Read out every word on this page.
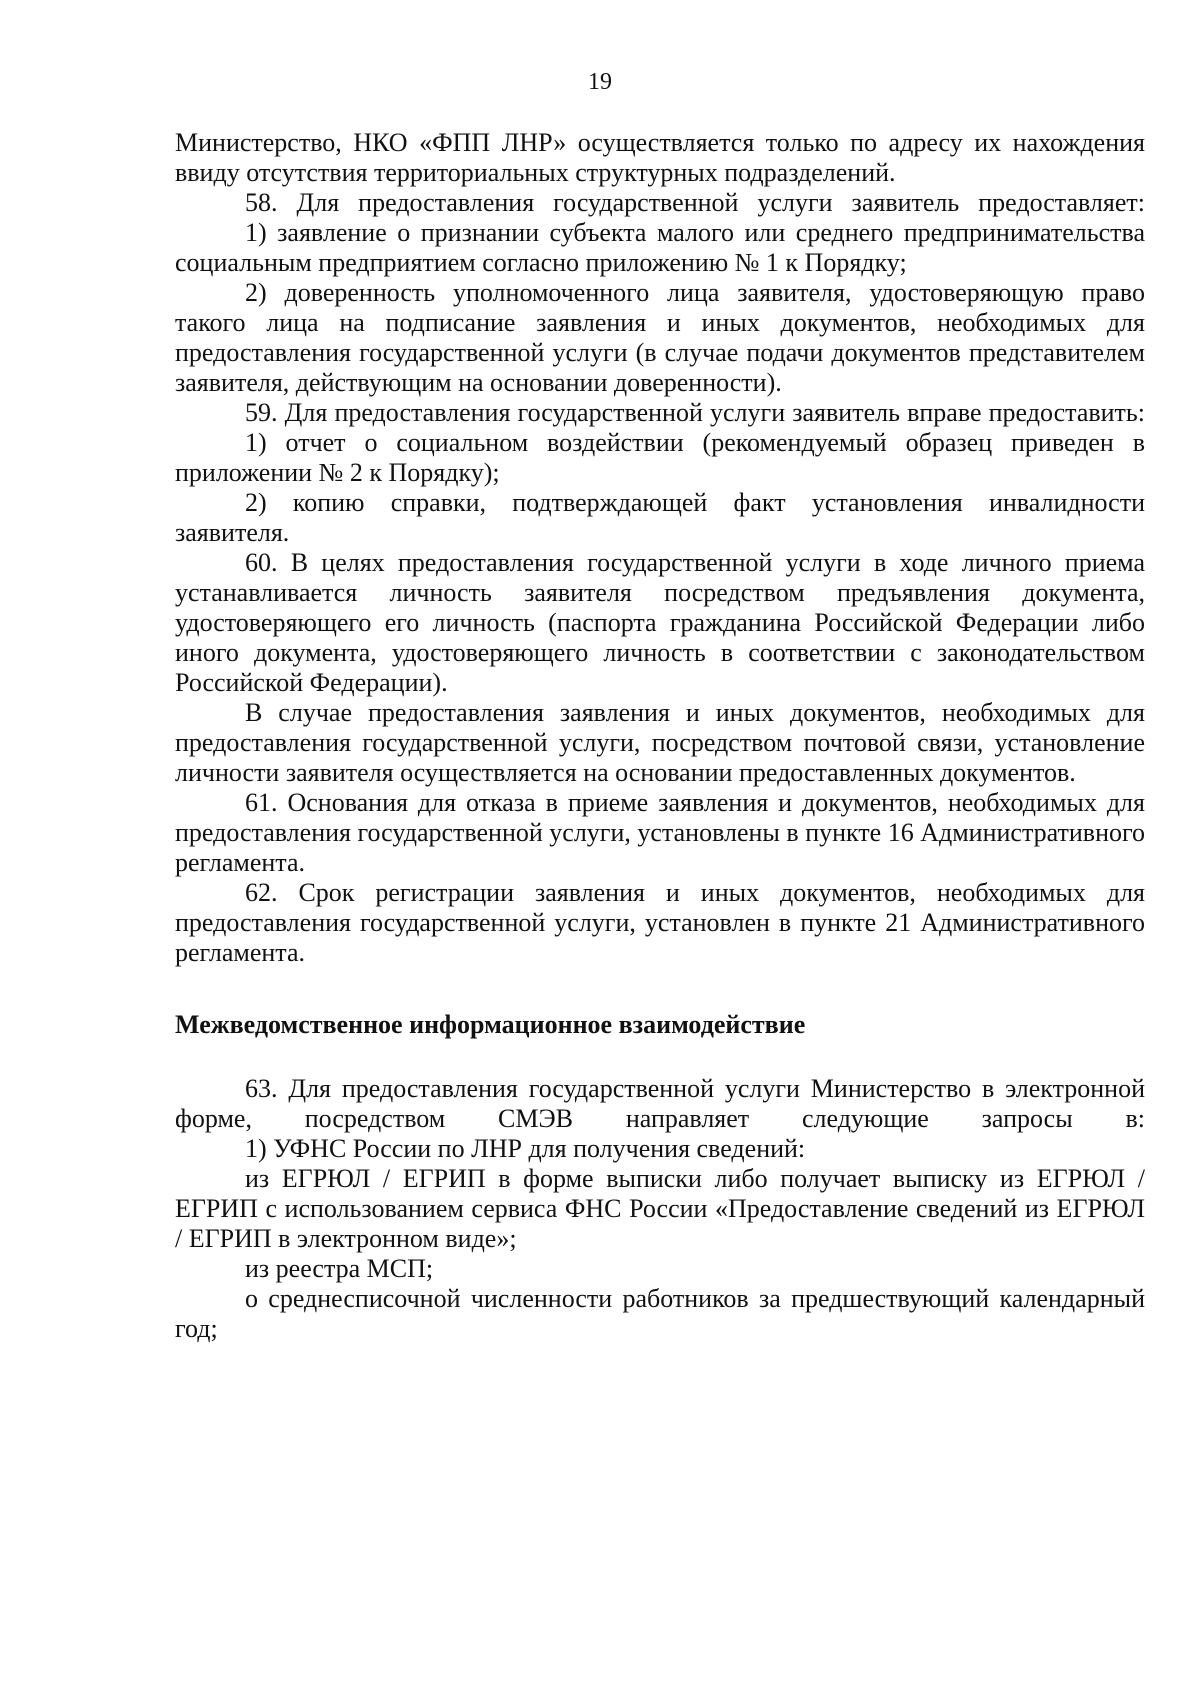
19

Министерство, НКО «ФПП ЛНР» осуществляется только по адресу их нахождения ввиду отсутствия территориальных структурных подразделений.

58. Для предоставления государственной услуги заявитель предоставляет:

1) заявление о признании субъекта малого или среднего предпринимательства социальным предприятием согласно приложению № 1 к Порядку;

2) доверенность уполномоченного лица заявителя, удостоверяющую право такого лица на подписание заявления и иных документов, необходимых для предоставления государственной услуги (в случае подачи документов представителем заявителя, действующим на основании доверенности).

59. Для предоставления государственной услуги заявитель вправе предоставить:

1) отчет о социальном воздействии (рекомендуемый образец приведен в приложении № 2 к Порядку);

2) копию справки, подтверждающей факт установления инвалидности заявителя.

60. В целях предоставления государственной услуги в ходе личного приема устанавливается личность заявителя посредством предъявления документа, удостоверяющего его личность (паспорта гражданина Российской Федерации либо иного документа, удостоверяющего личность в соответствии с законодательством Российской Федерации).

В случае предоставления заявления и иных документов, необходимых для предоставления государственной услуги, посредством почтовой связи, установление личности заявителя осуществляется на основании предоставленных документов.

61. Основания для отказа в приеме заявления и документов, необходимых для предоставления государственной услуги, установлены в пункте 16 Административного регламента.

62. Срок регистрации заявления и иных документов, необходимых для предоставления государственной услуги, установлен в пункте 21 Административного регламента.

Межведомственное информационное взаимодействие

63. Для предоставления государственной услуги Министерство в электронной форме, посредством СМЭВ направляет следующие запросы в:

1) УФНС России по ЛНР для получения сведений:

из ЕГРЮЛ / ЕГРИП в форме выписки либо получает выписку из ЕГРЮЛ / ЕГРИП с использованием сервиса ФНС России «Предоставление сведений из ЕГРЮЛ / ЕГРИП в электронном виде»;

из реестра МСП;

о среднесписочной численности работников за предшествующий календарный год;
